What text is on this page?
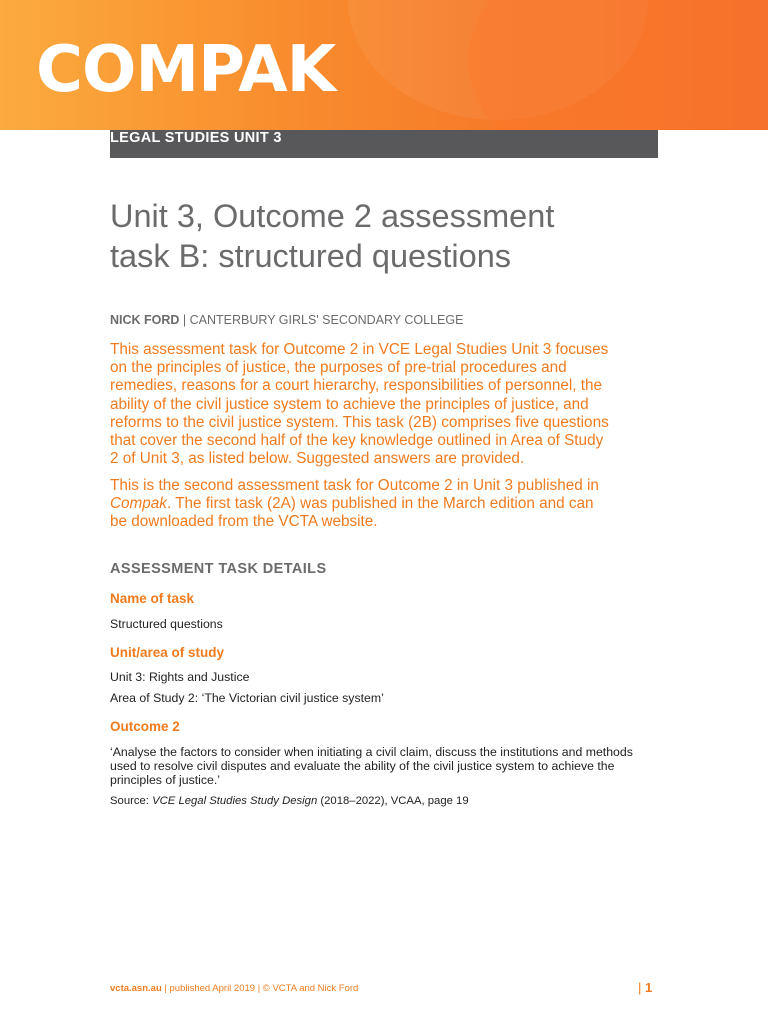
COMPAK
LEGAL STUDIES UNIT 3
Unit 3, Outcome 2 assessment
task B: structured questions
NICK FORD | CANTERBURY GIRLS' SECONDARY COLLEGE
This assessment task for Outcome 2 in VCE Legal Studies Unit 3 focuses
on the principles of justice, the purposes of pre-trial procedures and
remedies, reasons for a court hierarchy, responsibilities of personnel, the
ability of the civil justice system to achieve the principles of justice, and
reforms to the civil justice system. This task (2B) comprises five questions
that cover the second half of the key knowledge outlined in Area of Study
2 of Unit 3, as listed below. Suggested answers are provided.
This is the second assessment task for Outcome 2 in Unit 3 published in
Compak. The first task (2A) was published in the March edition and can
be downloaded from the VCTA website.
ASSESSMENT TASK DETAILS
Name of task
Structured questions
Unit/area of study
Unit 3: Rights and Justice
Area of Study 2: ‘The Victorian civil justice system’
Outcome 2
‘Analyse the factors to consider when initiating a civil claim, discuss the institutions and methods
used to resolve civil disputes and evaluate the ability of the civil justice system to achieve the
principles of justice.’
Source: VCE Legal Studies Study Design (2018–2022), VCAA, page 19
vcta.asn.au | published April 2019 | © VCTA and Nick Ford	| 1
